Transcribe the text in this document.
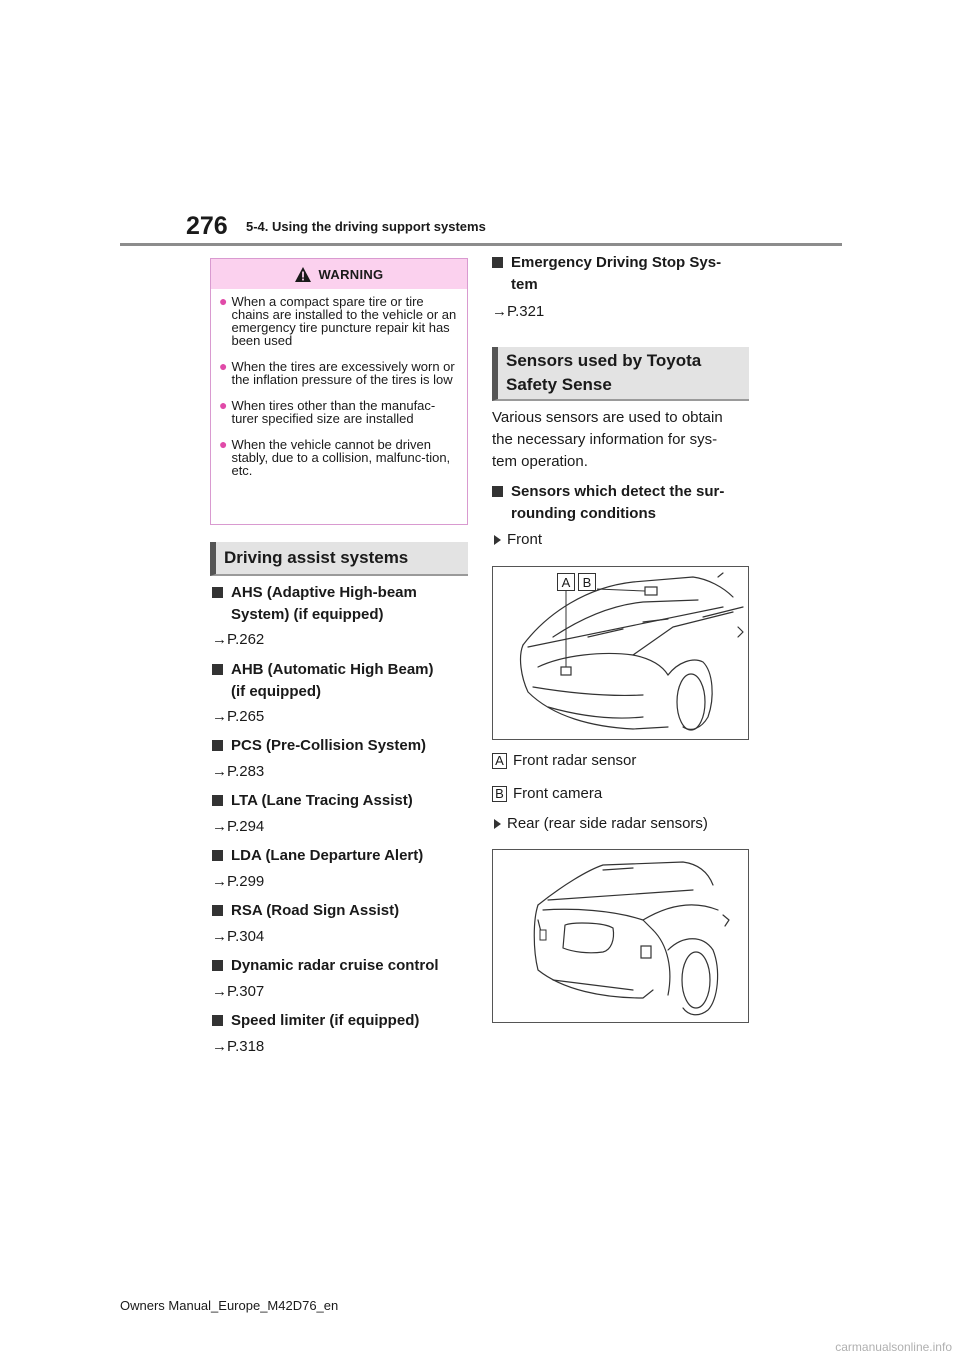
276 5-4. Using the driving support systems
WARNING
● When a compact spare tire or tire chains are installed to the vehicle or an emergency tire puncture repair kit has been used
● When the tires are excessively worn or the inflation pressure of the tires is low
● When tires other than the manufac-turer specified size are installed
● When the vehicle cannot be driven stably, due to a collision, malfunc-tion, etc.
Driving assist systems
AHS (Adaptive High-beam
System) (if equipped)
→P.262
AHB (Automatic High Beam)
(if equipped)
→P.265
PCS (Pre-Collision System)
→P.283
LTA (Lane Tracing Assist)
→P.294
LDA (Lane Departure Alert)
→P.299
RSA (Road Sign Assist)
→P.304
Dynamic radar cruise control
→P.307
Speed limiter (if equipped)
→P.318
Emergency Driving Stop Sys-
tem
→P.321
Sensors used by Toyota
Safety Sense
Various sensors are used to obtain
the necessary information for sys-
tem operation.
Sensors which detect the sur-
rounding conditions
Front
A B
A Front radar sensor
B Front camera
Rear (rear side radar sensors)
Owners Manual_Europe_M42D76_en
carmanualsonline.info
